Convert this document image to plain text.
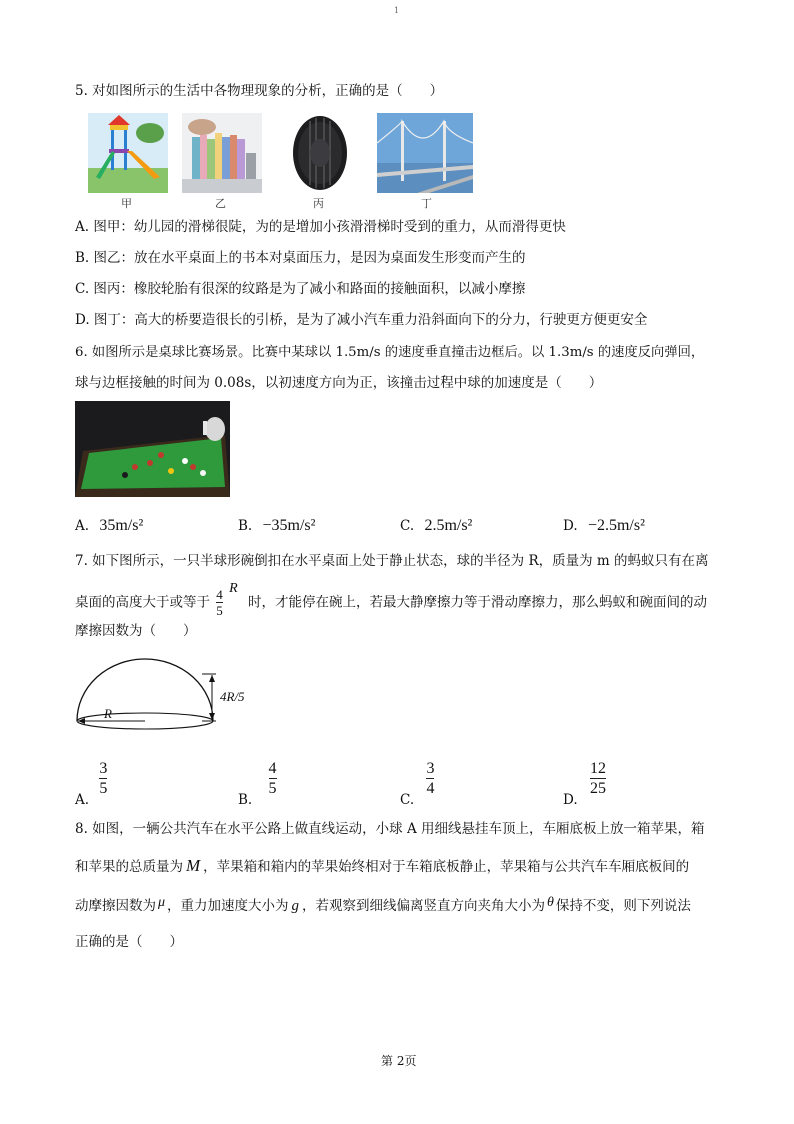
1
5. 对如图所示的生活中各物理现象的分析，正确的是（　　）
甲	乙	丙	丁
A. 图甲：幼儿园的滑梯很陡，为的是增加小孩滑滑梯时受到的重力，从而滑得更快
B. 图乙：放在水平桌面上的书本对桌面压力，是因为桌面发生形变而产生的
C. 图丙：橡胶轮胎有很深的纹路是为了减小和路面的接触面积，以减小摩擦
D. 图丁：高大的桥要造很长的引桥，是为了减小汽车重力沿斜面向下的分力，行驶更方便更安全
6. 如图所示是桌球比赛场景。比赛中某球以 1.5m/s 的速度垂直撞击边框后。以 1.3m/s 的速度反向弹回，
球与边框接触的时间为 0.08s，以初速度方向为正，该撞击过程中球的加速度是（　　）
A. 35m/s²	B. −35m/s²	C. 2.5m/s²	D. −2.5m/s²
7. 如下图所示，一只半球形碗倒扣在水平桌面上处于静止状态，球的半径为 R，质量为 m 的蚂蚁只有在离
桌面的高度大于或等于 $\frac{4}{5}$ R 时，才能停在碗上，若最大静摩擦力等于滑动摩擦力，那么蚂蚁和碗面间的动
摩擦因数为（　　）
R
4R/5
A.
$\frac{3}{5}$
B.
$\frac{4}{5}$
C.
$\frac{3}{4}$
D.
$\frac{12}{25}$
8. 如图，一辆公共汽车在水平公路上做直线运动，小球 A 用细线悬挂车顶上，车厢底板上放一箱苹果，箱
和苹果的总质量为 M ，苹果箱和箱内的苹果始终相对于车箱底板静止，苹果箱与公共汽车车厢底板间的
动摩擦因数为 μ ，重力加速度大小为 g ，若观察到细线偏离竖直方向夹角大小为 θ 保持不变，则下列说法
正确的是（　　）
第 2页
